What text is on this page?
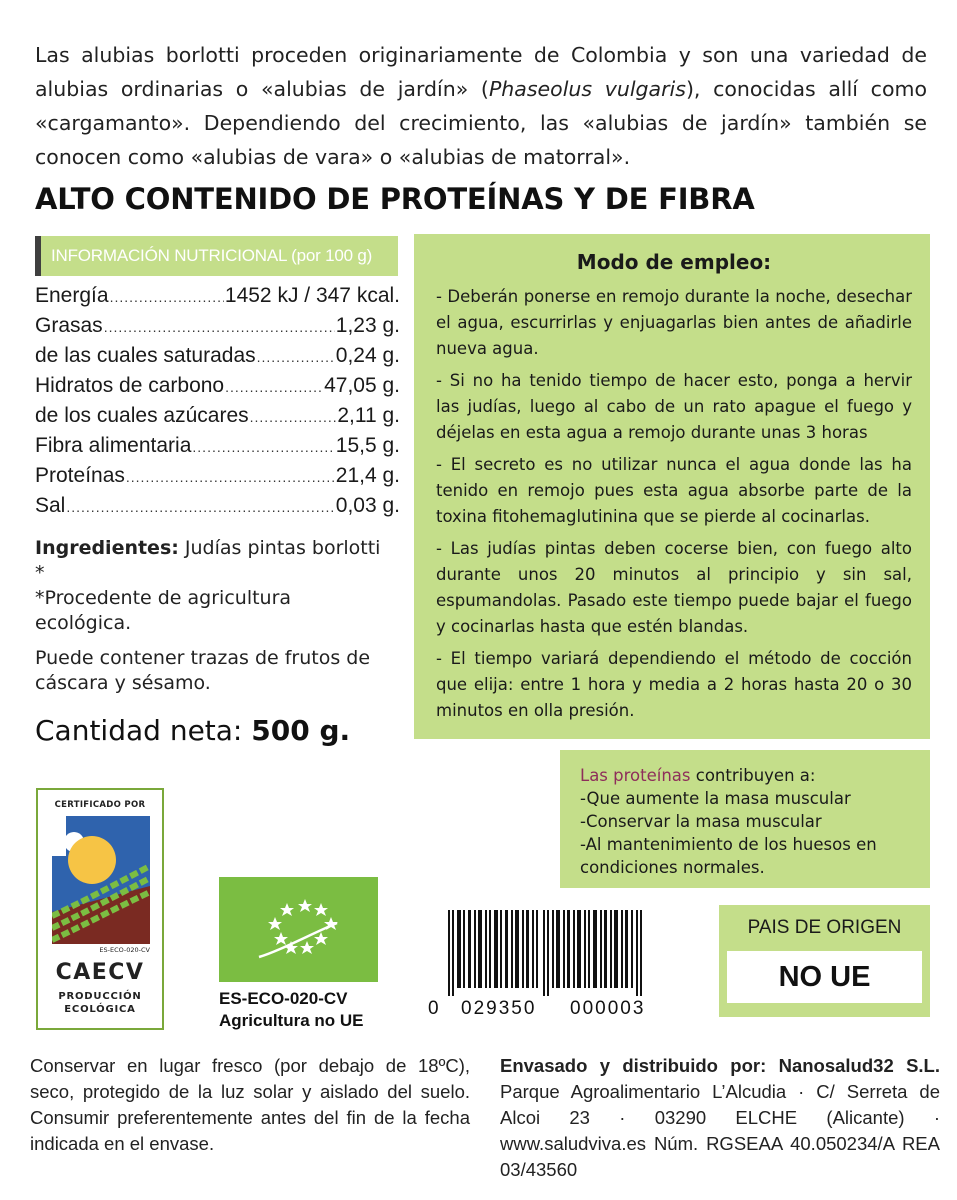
Las alubias borlotti proceden originariamente de Colombia y son una variedad de alubias ordinarias o «alubias de jardín» (Phaseolus vulgaris), conocidas allí como «cargamanto». Dependiendo del crecimiento, las «alubias de jardín» también se conocen como «alubias de vara» o «alubias de matorral».

ALTO CONTENIDO DE PROTEÍNAS Y DE FIBRA
INFORMACIÓN NUTRICIONAL (por 100 g)
Energía .....	1452 kJ / 347 kcal.
Grasas .....	1,23 g.
de las cuales saturadas .....	0,24 g.
Hidratos de carbono .....	47,05 g.
de los cuales azúcares .....	2,11 g.
Fibra alimentaria .....	15,5 g.
Proteínas .....	21,4 g.
Sal .....	0,03 g.

Ingredientes: Judías pintas borlotti *
*Procedente de agricultura ecológica.

Puede contener trazas de frutos de cáscara y sésamo.

Cantidad neta: 500 g.
Modo de empleo:

- Deberán ponerse en remojo durante la noche, desechar el agua, escurrirlas y enjuagarlas bien antes de añadirle nueva agua.

- Si no ha tenido tiempo de hacer esto, ponga a hervir las judías, luego al cabo de un rato apague el fuego y déjelas en esta agua a remojo durante unas 3 horas

- El secreto es no utilizar nunca el agua donde las ha tenido en remojo pues esta agua absorbe parte de la toxina fitohemaglutinina que se pierde al cocinarlas.

- Las judías pintas deben cocerse bien, con fuego alto durante unos 20 minutos al principio y sin sal, espumandolas. Pasado este tiempo puede bajar el fuego y cocinarlas hasta que estén blandas.

- El tiempo variará dependiendo el método de cocción que elija: entre 1 hora y media a 2 horas hasta 20 o 30 minutos en olla presión.

Las proteínas contribuyen a:
-Que aumente la masa muscular
-Conservar la masa muscular
-Al mantenimiento de los huesos en condiciones normales.
CERTIFICADO POR
ES-ECO-020-CV
CAECV
PRODUCCIÓN
ECOLÓGICA
ES-ECO-020-CV
Agricultura no UE
0 029350 000003
PAIS DE ORIGEN
NO UE

Conservar en lugar fresco (por debajo de 18ºC), seco, protegido de la luz solar y aislado del suelo. Consumir preferentemente antes del fin de la fecha indicada en el envase.

Envasado y distribuido por: Nanosalud32 S.L. Parque Agroalimentario L’Alcudia · C/ Serreta de Alcoi 23 · 03290 ELCHE (Alicante) · www.saludviva.es Núm. RGSEAA 40.050234/A REA 03/43560
